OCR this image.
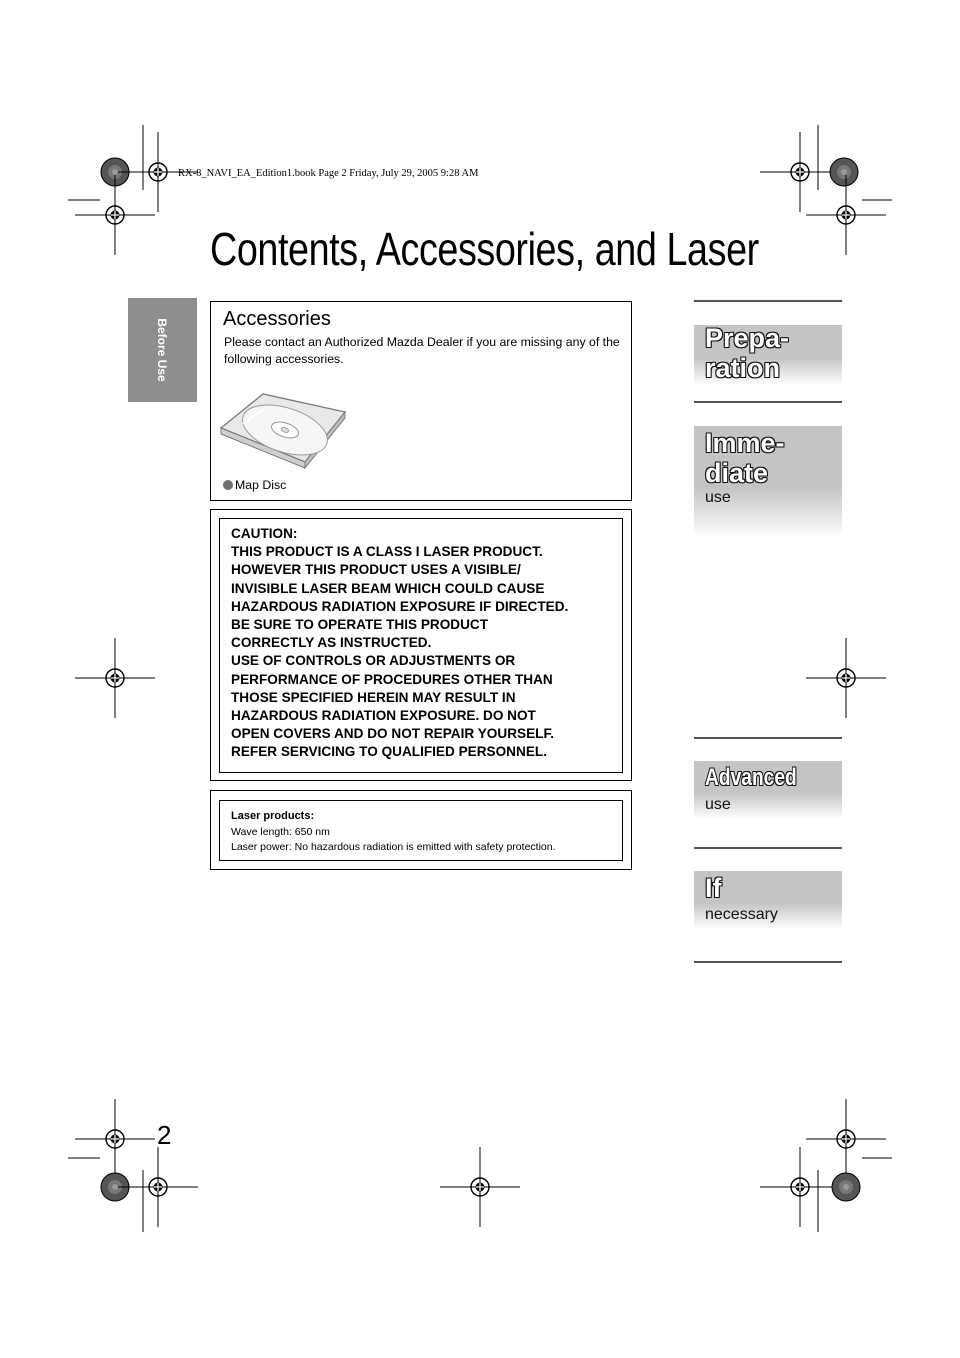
RX-8_NAVI_EA_Edition1.book Page 2 Friday, July 29, 2005 9:28 AM
Before Use
Contents, Accessories, and Laser
Accessories
Please contact an Authorized Mazda Dealer if you are missing any of the following accessories.
Map Disc
CAUTION:
THIS PRODUCT IS A CLASS I LASER PRODUCT.
HOWEVER THIS PRODUCT USES A VISIBLE/
INVISIBLE LASER BEAM WHICH COULD CAUSE
HAZARDOUS RADIATION EXPOSURE IF DIRECTED.
BE SURE TO OPERATE THIS PRODUCT
CORRECTLY AS INSTRUCTED.
USE OF CONTROLS OR ADJUSTMENTS OR
PERFORMANCE OF PROCEDURES OTHER THAN
THOSE SPECIFIED HEREIN MAY RESULT IN
HAZARDOUS RADIATION EXPOSURE. DO NOT
OPEN COVERS AND DO NOT REPAIR YOURSELF.
REFER SERVICING TO QUALIFIED PERSONNEL.
Laser products:
Wave length: 650 nm
Laser power: No hazardous radiation is emitted with safety protection.
Prepa-
ration
Imme-
diate
use
Advanced
use
If
necessary
2
